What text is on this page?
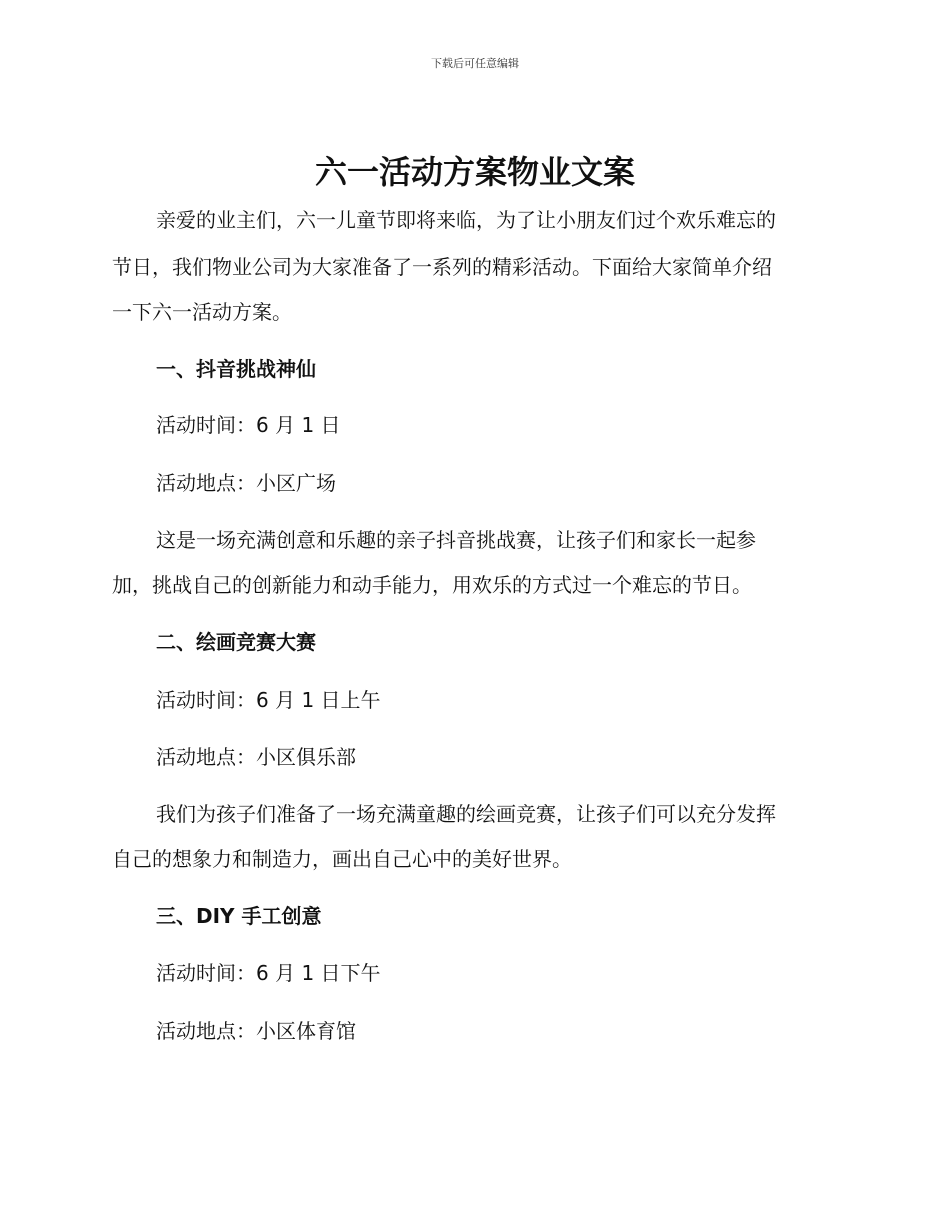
下载后可任意编辑
六一活动方案物业文案
亲爱的业主们，六一儿童节即将来临，为了让小朋友们过个欢乐难忘的
节日，我们物业公司为大家准备了一系列的精彩活动。下面给大家简单介绍
一下六一活动方案。
一、抖音挑战神仙
活动时间：6 月 1 日
活动地点：小区广场
这是一场充满创意和乐趣的亲子抖音挑战赛，让孩子们和家长一起参
加，挑战自己的创新能力和动手能力，用欢乐的方式过一个难忘的节日。
二、绘画竞赛大赛
活动时间：6 月 1 日上午
活动地点：小区俱乐部
我们为孩子们准备了一场充满童趣的绘画竞赛，让孩子们可以充分发挥
自己的想象力和制造力，画出自己心中的美好世界。
三、DIY 手工创意
活动时间：6 月 1 日下午
活动地点：小区体育馆
